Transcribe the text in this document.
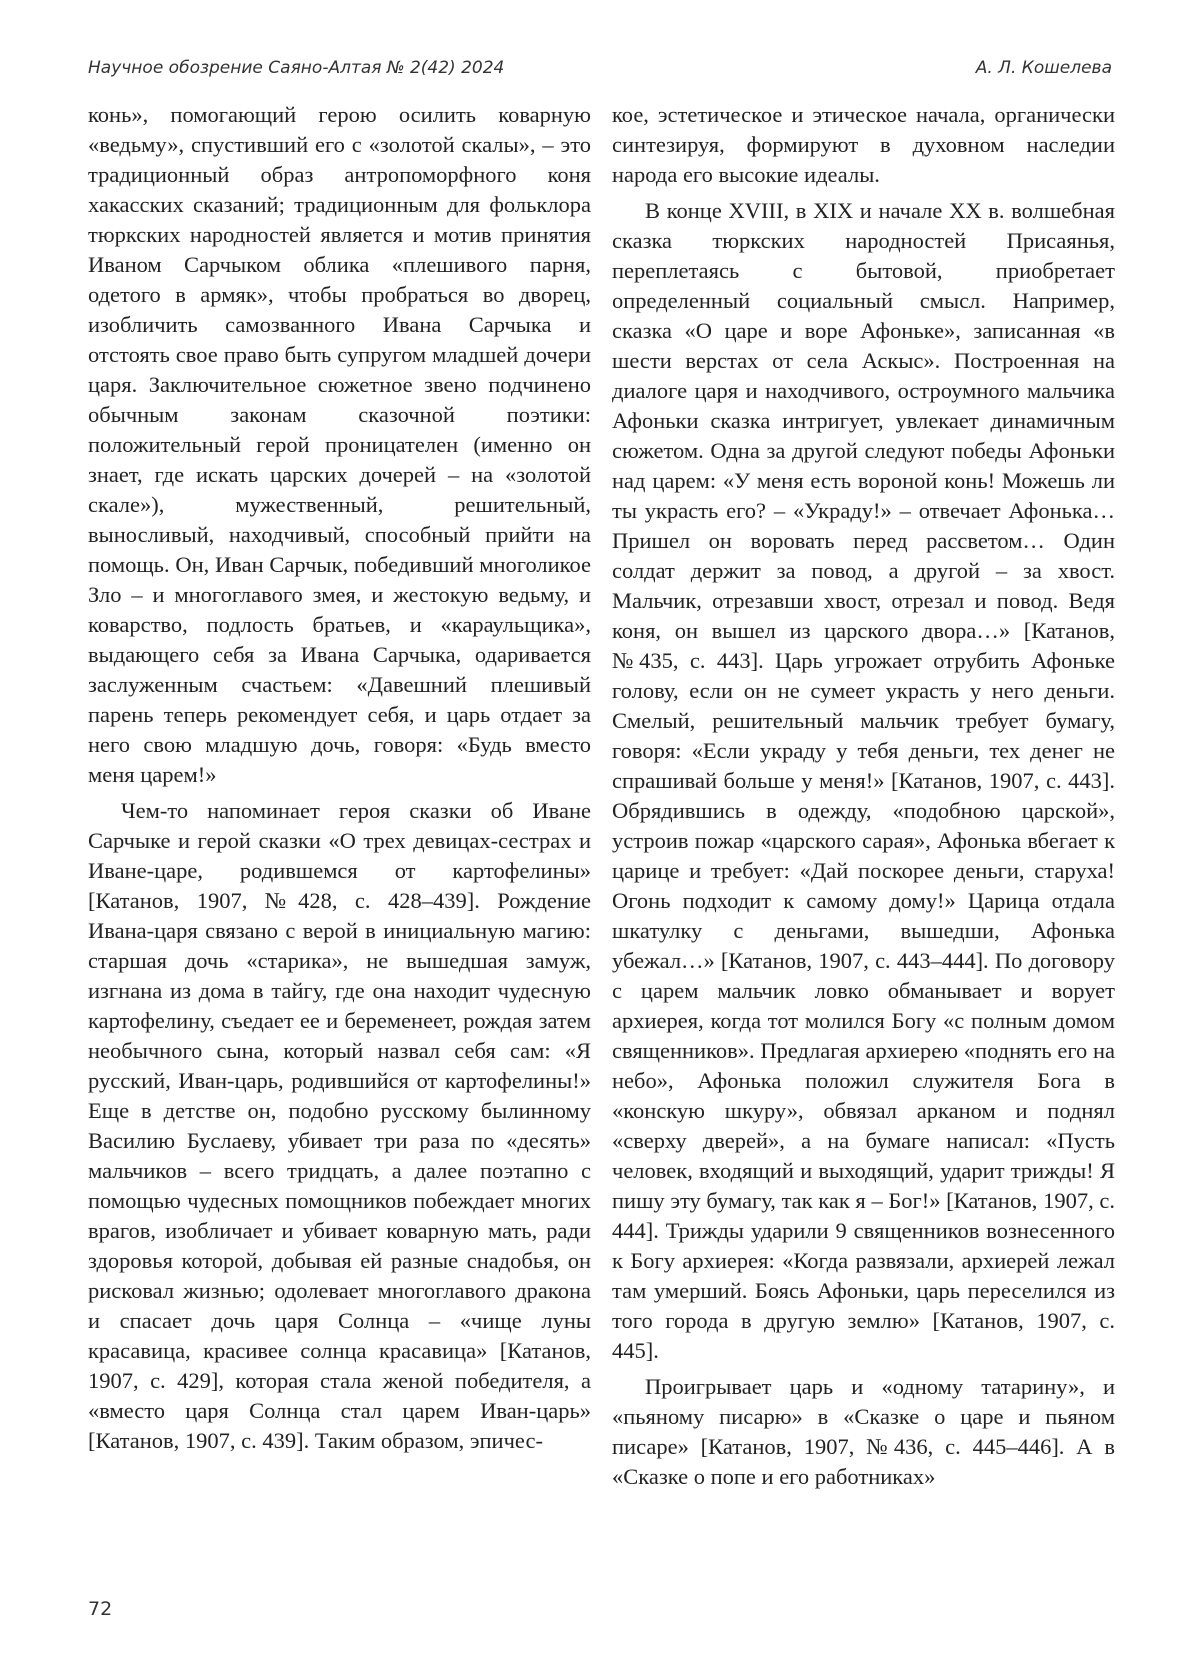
Научное обозрение Саяно-Алтая № 2(42) 2024	А. Л. Кошелева

конь», помогающий герою осилить коварную «ведьму», спустивший его с «золотой скалы», – это традиционный образ антропоморфного коня хакасских сказаний; традиционным для фольклора тюркских народностей является и мотив принятия Иваном Сарчыком облика «плешивого парня, одетого в армяк», чтобы пробраться во дворец, изобличить самозванного Ивана Сарчыка и отстоять свое право быть супругом младшей дочери царя. Заключительное сюжетное звено подчинено обычным законам сказочной поэтики: положительный герой проницателен (именно он знает, где искать царских дочерей – на «золотой скале»), мужественный, решительный, выносливый, находчивый, способный прийти на помощь. Он, Иван Сарчык, победивший многоликое Зло – и многоглавого змея, и жестокую ведьму, и коварство, подлость братьев, и «караульщика», выдающего себя за Ивана Сарчыка, одаривается заслуженным счастьем: «Давешний плешивый парень теперь рекомендует себя, и царь отдает за него свою младшую дочь, говоря: «Будь вместо меня царем!»

Чем-то напоминает героя сказки об Иване Сарчыке и герой сказки «О трех девицах-сестрах и Иване-царе, родившемся от картофелины» [Катанов, 1907, №428, с. 428–439]. Рождение Ивана-царя связано с верой в инициальную магию: старшая дочь «старика», не вышедшая замуж, изгнана из дома в тайгу, где она находит чудесную картофелину, съедает ее и беременеет, рождая затем необычного сына, который назвал себя сам: «Я русский, Иван-царь, родившийся от картофелины!» Еще в детстве он, подобно русскому былинному Василию Буслаеву, убивает три раза по «десять» мальчиков – всего тридцать, а далее поэтапно с помощью чудесных помощников побеждает многих врагов, изобличает и убивает коварную мать, ради здоровья которой, добывая ей разные снадобья, он рисковал жизнью; одолевает многоглавого дракона и спасает дочь царя Солнца – «чище луны красавица, красивее солнца красавица» [Катанов, 1907, с. 429], которая стала женой победителя, а «вместо царя Солнца стал царем Иван-царь» [Катанов, 1907, с. 439]. Таким образом, эпичес-

кое, эстетическое и этическое начала, органически синтезируя, формируют в духовном наследии народа его высокие идеалы.

В конце XVIII, в XIX и начале XX в. волшебная сказка тюркских народностей Присаянья, переплетаясь с бытовой, приобретает определенный социальный смысл. Например, сказка «О царе и воре Афоньке», записанная «в шести верстах от села Аскыс». Построенная на диалоге царя и находчивого, остроумного мальчика Афоньки сказка интригует, увлекает динамичным сюжетом. Одна за другой следуют победы Афоньки над царем: «У меня есть вороной конь! Можешь ли ты украсть его? – «Украду!» – отвечает Афонька… Пришел он воровать перед рассветом… Один солдат держит за повод, а другой – за хвост. Мальчик, отрезавши хвост, отрезал и повод. Ведя коня, он вышел из царского двора…» [Катанов, №435, с. 443]. Царь угрожает отрубить Афоньке голову, если он не сумеет украсть у него деньги. Смелый, решительный мальчик требует бумагу, говоря: «Если украду у тебя деньги, тех денег не спрашивай больше у меня!» [Катанов, 1907, с. 443]. Обрядившись в одежду, «подобною царской», устроив пожар «царского сарая», Афонька вбегает к царице и требует: «Дай поскорее деньги, старуха! Огонь подходит к самому дому!» Царица отдала шкатулку с деньгами, вышедши, Афонька убежал…» [Катанов, 1907, с. 443–444]. По договору с царем мальчик ловко обманывает и ворует архиерея, когда тот молился Богу «с полным домом священников». Предлагая архиерею «поднять его на небо», Афонька положил служителя Бога в «конскую шкуру», обвязал арканом и поднял «сверху дверей», а на бумаге написал: «Пусть человек, входящий и выходящий, ударит трижды! Я пишу эту бумагу, так как я – Бог!» [Катанов, 1907, с. 444]. Трижды ударили 9 священников вознесенного к Богу архиерея: «Когда развязали, архиерей лежал там умерший. Боясь Афоньки, царь переселился из того города в другую землю» [Катанов, 1907, с. 445].

Проигрывает царь и «одному татарину», и «пьяному писарю» в «Сказке о царе и пьяном писаре» [Катанов, 1907, №436, с. 445–446]. А в «Сказке о попе и его работниках»

72
